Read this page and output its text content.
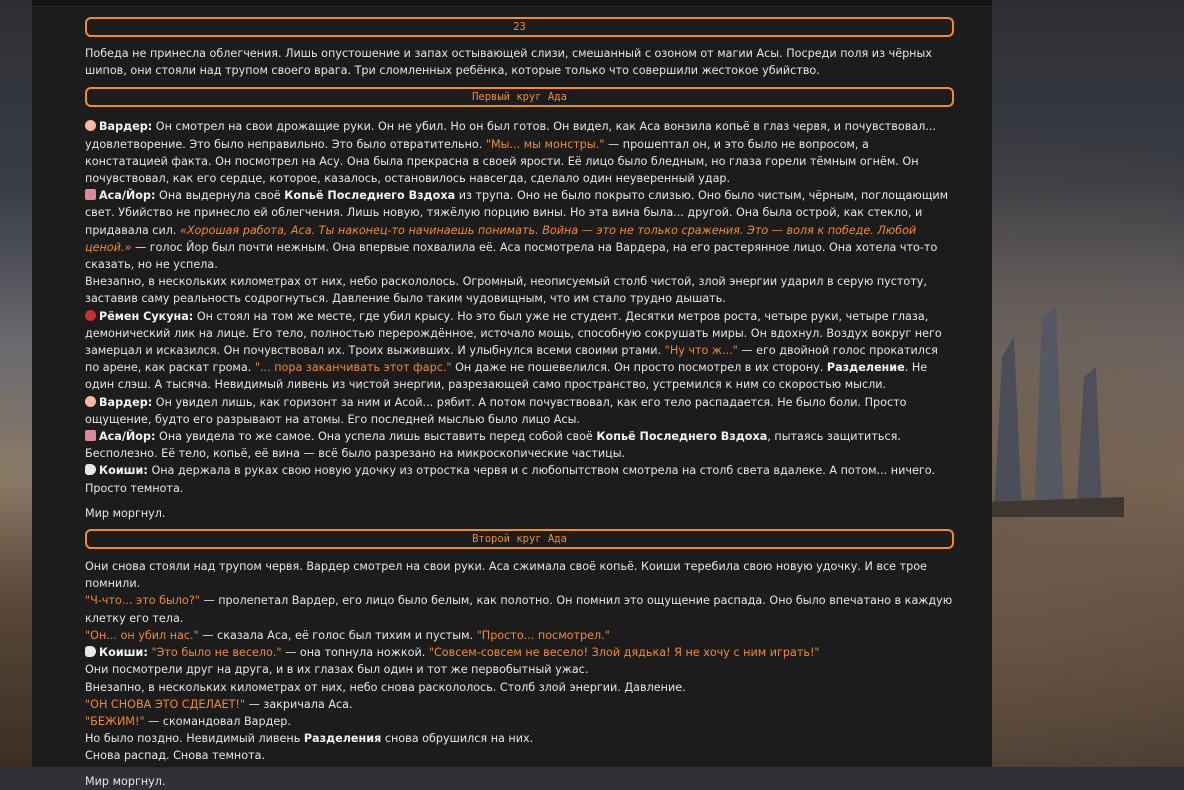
23

Победа не принесла облегчения. Лишь опустошение и запах остывающей слизи, смешанный с озоном от магии Асы. Посреди поля из чёрных шипов, они стояли над трупом своего врага. Три сломленных ребёнка, которые только что совершили жестокое убийство.

Первый круг Ада

Вардер: Он смотрел на свои дрожащие руки. Он не убил. Но он был готов. Он видел, как Аса вонзила копьё в глаз червя, и почувствовал... удовлетворение. Это было неправильно. Это было отвратительно. "Мы... мы монстры." — прошептал он, и это было не вопросом, а констатацией факта. Он посмотрел на Асу. Она была прекрасна в своей ярости. Её лицо было бледным, но глаза горели тёмным огнём. Он почувствовал, как его сердце, которое, казалось, остановилось навсегда, сделало один неуверенный удар.

Аса/Йор: Она выдернула своё Копьё Последнего Вздоха из трупа. Оно не было покрыто слизью. Оно было чистым, чёрным, поглощающим свет. Убийство не принесло ей облегчения. Лишь новую, тяжёлую порцию вины. Но эта вина была... другой. Она была острой, как стекло, и придавала сил. «Хорошая работа, Аса. Ты наконец-то начинаешь понимать. Война — это не только сражения. Это — воля к победе. Любой ценой.» — голос Йор был почти нежным. Она впервые похвалила её. Аса посмотрела на Вардера, на его растерянное лицо. Она хотела что-то сказать, но не успела.

Внезапно, в нескольких километрах от них, небо раскололось. Огромный, неописуемый столб чистой, злой энергии ударил в серую пустоту, заставив саму реальность содрогнуться. Давление было таким чудовищным, что им стало трудно дышать.

Рёмен Сукуна: Он стоял на том же месте, где убил крысу. Но это был уже не студент. Десятки метров роста, четыре руки, четыре глаза, демонический лик на лице. Его тело, полностью перерождённое, источало мощь, способную сокрушать миры. Он вдохнул. Воздух вокруг него замерцал и исказился. Он почувствовал их. Троих выживших. И улыбнулся всеми своими ртами. "Ну что ж..." — его двойной голос прокатился по арене, как раскат грома. "... пора заканчивать этот фарс." Он даже не пошевелился. Он просто посмотрел в их сторону. Разделение. Не один слэш. А тысяча. Невидимый ливень из чистой энергии, разрезающей само пространство, устремился к ним со скоростью мысли.

Вардер: Он увидел лишь, как горизонт за ним и Асой... рябит. А потом почувствовал, как его тело распадается. Не было боли. Просто ощущение, будто его разрывают на атомы. Его последней мыслью было лицо Асы.

Аса/Йор: Она увидела то же самое. Она успела лишь выставить перед собой своё Копьё Последнего Вздоха, пытаясь защититься. Бесполезно. Её тело, копьё, её вина — всё было разрезано на микроскопические частицы.

Коиши: Она держала в руках свою новую удочку из отростка червя и с любопытством смотрела на столб света вдалеке. А потом... ничего. Просто темнота.

Мир моргнул.

Второй круг Ада

Они снова стояли над трупом червя. Вардер смотрел на свои руки. Аса сжимала своё копьё. Коиши теребила свою новую удочку. И все трое помнили.

"Ч-что... это было?" — пролепетал Вардер, его лицо было белым, как полотно. Он помнил это ощущение распада. Оно было впечатано в каждую клетку его тела.

"Он... он убил нас." — сказала Аса, её голос был тихим и пустым. "Просто... посмотрел."

Коиши: "Это было не весело." — она топнула ножкой. "Совсем-совсем не весело! Злой дядька! Я не хочу с ним играть!"

Они посмотрели друг на друга, и в их глазах был один и тот же первобытный ужас.

Внезапно, в нескольких километрах от них, небо снова раскололось. Столб злой энергии. Давление.

"ОН СНОВА ЭТО СДЕЛАЕТ!" — закричала Аса.

"БЕЖИМ!" — скомандовал Вардер.

Но было поздно. Невидимый ливень Разделения снова обрушился на них.

Снова распад. Снова темнота.

Мир моргнул.
